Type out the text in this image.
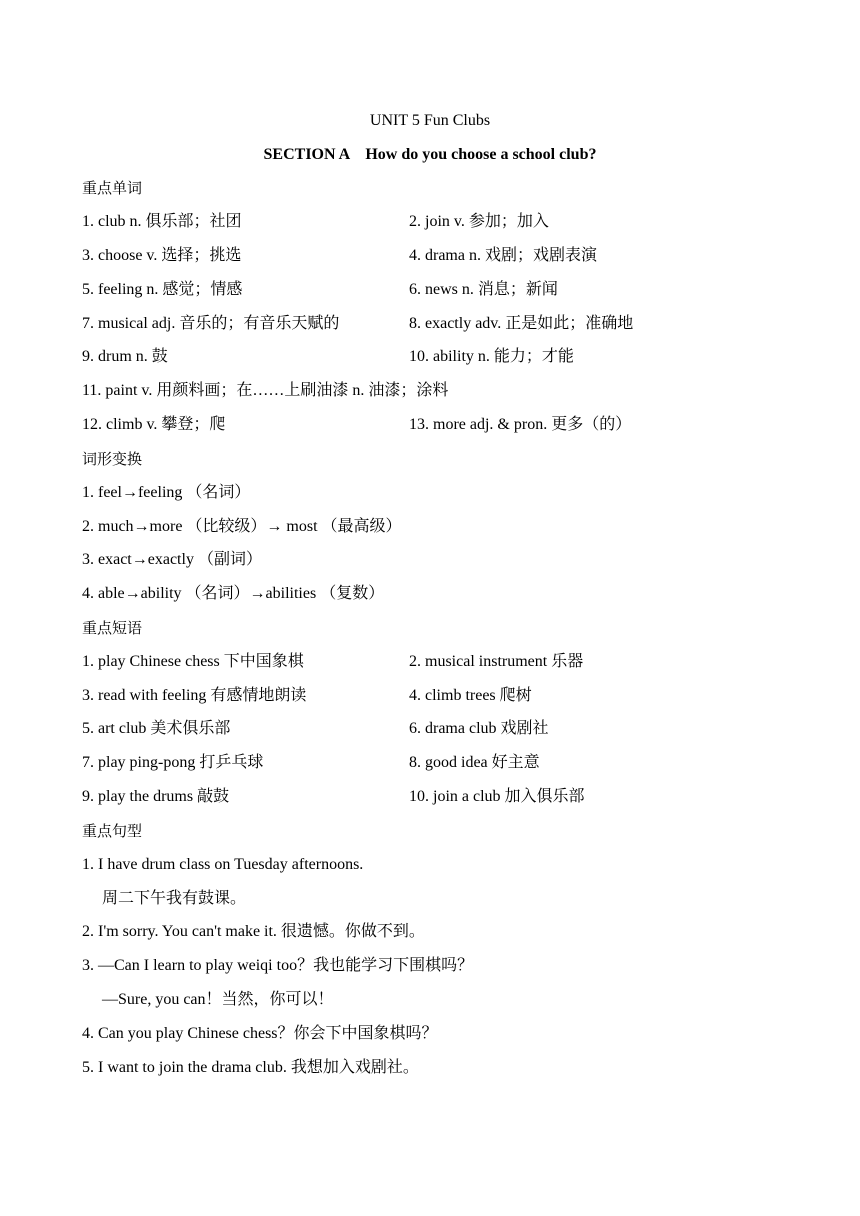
UNIT 5 Fun Clubs
SECTION A　How do you choose a school club?
重点单词
1. club n. 俱乐部；社团	2. join v. 参加；加入
3. choose v. 选择；挑选	4. drama n. 戏剧；戏剧表演
5. feeling n. 感觉；情感	6. news n. 消息；新闻
7. musical adj. 音乐的；有音乐天赋的	8. exactly adv. 正是如此；准确地
9. drum n. 鼓	10. ability n. 能力；才能
11. paint v. 用颜料画；在……上刷油漆 n. 油漆；涂料
12. climb v. 攀登；爬	13. more adj. & pron. 更多（的）
词形变换
1. feel→feeling （名词）
2. much→more （比较级）→ most （最高级）
3. exact→exactly （副词）
4. able→ability （名词）→abilities （复数）
重点短语
1. play Chinese chess 下中国象棋	2. musical instrument 乐器
3. read with feeling 有感情地朗读	4. climb trees 爬树
5. art club 美术俱乐部	6. drama club 戏剧社
7. play ping-pong 打乒乓球	8. good idea 好主意
9. play the drums 敲鼓	10. join a club 加入俱乐部
重点句型
1. I have drum class on Tuesday afternoons.
周二下午我有鼓课。
2. I'm sorry. You can't make it. 很遗憾。你做不到。
3. —Can I learn to play weiqi too？我也能学习下围棋吗？
—Sure, you can！当然，你可以！
4. Can you play Chinese chess？你会下中国象棋吗？
5. I want to join the drama club. 我想加入戏剧社。
